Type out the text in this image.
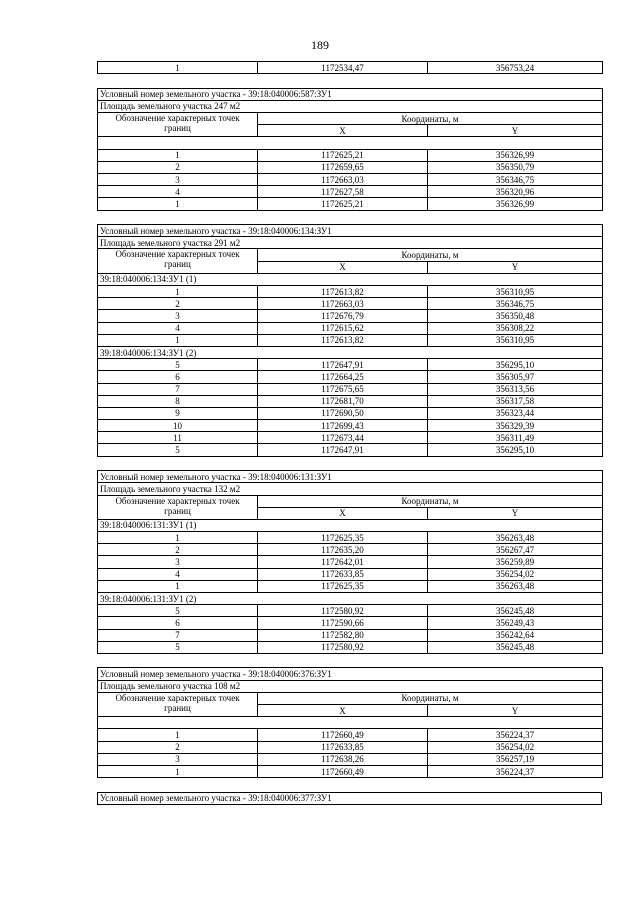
189
1	1172534,47	356753,24
Условный номер земельного участка - 39:18:040006:587:ЗУ1		
Площадь земельного участка 247 м2		
Обозначение характерных точек
границ	Координаты, м	
	X	Y

1	1172625,21	356326,99
2	1172659,65	356350,79
3	1172663,03	356346,75
4	1172627,58	356320,96
1	1172625,21	356326,99
Условный номер земельного участка - 39:18:040006:134:ЗУ1		
Площадь земельного участка 291 м2		
Обозначение характерных точек
границ	Координаты, м	
	X	Y
39:18:040006:134:ЗУ1 (1)		
1	1172613,82	356310,95
2	1172663,03	356346,75
3	1172676,79	356350,48
4	1172615,62	356308,22
1	1172613,82	356310,95
39:18:040006:134:ЗУ1 (2)		
5	1172647,91	356295,10
6	1172664,25	356305,97
7	1172675,65	356313,56
8	1172681,70	356317,58
9	1172690,50	356323,44
10	1172699,43	356329,39
11	1172673,44	356311,49
5	1172647,91	356295,10
Условный номер земельного участка - 39:18:040006:131:ЗУ1		
Площадь земельного участка 132 м2		
Обозначение характерных точек
границ	Координаты, м	
	X	Y
39:18:040006:131:ЗУ1 (1)		
1	1172625,35	356263,48
2	1172635,20	356267,47
3	1172642,01	356259,89
4	1172633,85	356254,02
1	1172625,35	356263,48
39:18:040006:131:ЗУ1 (2)		
5	1172580,92	356245,48
6	1172590,66	356249,43
7	1172582,80	356242,64
5	1172580,92	356245,48
Условный номер земельного участка - 39:18:040006:376:ЗУ1		
Площадь земельного участка 108 м2		
Обозначение характерных точек
границ	Координаты, м	
	X	Y

1	1172660,49	356224,37
2	1172633,85	356254,02
3	1172638,26	356257,19
1	1172660,49	356224,37
Условный номер земельного участка - 39:18:040006:377:ЗУ1
